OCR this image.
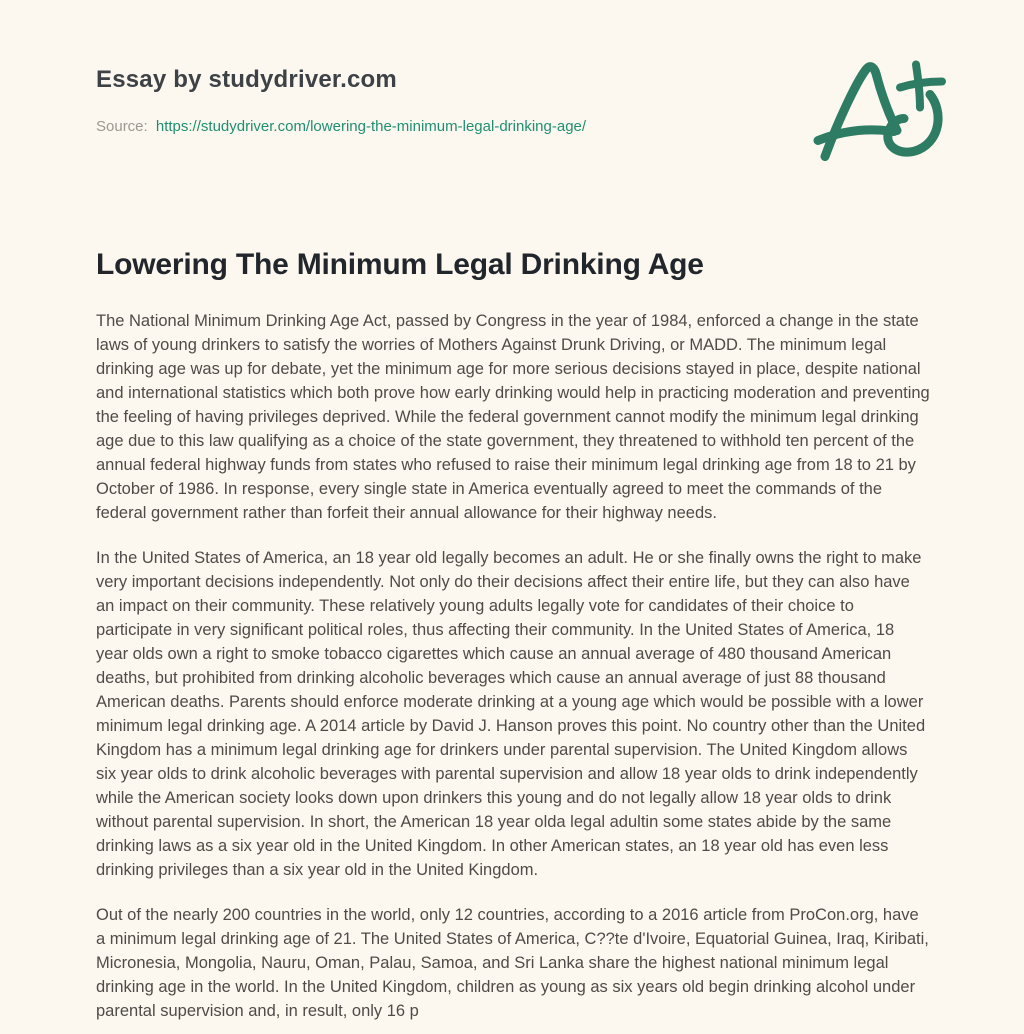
Essay by studydriver.com

Source: https://studydriver.com/lowering-the-minimum-legal-drinking-age/

Lowering The Minimum Legal Drinking Age

The National Minimum Drinking Age Act, passed by Congress in the year of 1984, enforced a change in the state laws of young drinkers to satisfy the worries of Mothers Against Drunk Driving, or MADD. The minimum legal drinking age was up for debate, yet the minimum age for more serious decisions stayed in place, despite national and international statistics which both prove how early drinking would help in practicing moderation and preventing the feeling of having privileges deprived. While the federal government cannot modify the minimum legal drinking age due to this law qualifying as a choice of the state government, they threatened to withhold ten percent of the annual federal highway funds from states who refused to raise their minimum legal drinking age from 18 to 21 by October of 1986. In response, every single state in America eventually agreed to meet the commands of the federal government rather than forfeit their annual allowance for their highway needs.

In the United States of America, an 18 year old legally becomes an adult. He or she finally owns the right to make very important decisions independently. Not only do their decisions affect their entire life, but they can also have an impact on their community. These relatively young adults legally vote for candidates of their choice to participate in very significant political roles, thus affecting their community. In the United States of America, 18 year olds own a right to smoke tobacco cigarettes which cause an annual average of 480 thousand American deaths, but prohibited from drinking alcoholic beverages which cause an annual average of just 88 thousand American deaths. Parents should enforce moderate drinking at a young age which would be possible with a lower minimum legal drinking age. A 2014 article by David J. Hanson proves this point. No country other than the United Kingdom has a minimum legal drinking age for drinkers under parental supervision. The United Kingdom allows six year olds to drink alcoholic beverages with parental supervision and allow 18 year olds to drink independently while the American society looks down upon drinkers this young and do not legally allow 18 year olds to drink without parental supervision. In short, the American 18 year olda legal adultin some states abide by the same drinking laws as a six year old in the United Kingdom. In other American states, an 18 year old has even less drinking privileges than a six year old in the United Kingdom.

Out of the nearly 200 countries in the world, only 12 countries, according to a 2016 article from ProCon.org, have a minimum legal drinking age of 21. The United States of America, C??te d'Ivoire, Equatorial Guinea, Iraq, Kiribati, Micronesia, Mongolia, Nauru, Oman, Palau, Samoa, and Sri Lanka share the highest national minimum legal drinking age in the world. In the United Kingdom, children as young as six years old begin drinking alcohol under parental supervision and, in result, only 16 p
